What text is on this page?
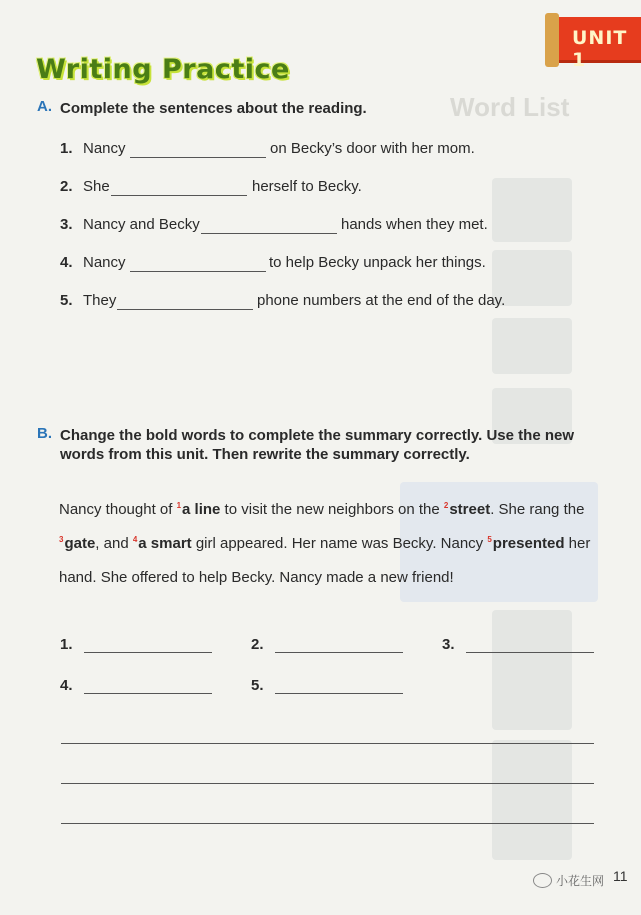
Word List
UNIT 1
Writing Practice
A. Complete the sentences about the reading.
1. Nancy	on Becky’s door with her mom.
2. She	herself to Becky.
3. Nancy and Becky	hands when they met.
4. Nancy	to help Becky unpack her things.
5. They	phone numbers at the end of the day.
B. Change the bold words to complete the summary correctly. Use the new
words from this unit. Then rewrite the summary correctly.
Nancy thought of $^1$a line to visit the new neighbors on the $^2$street. She rang the
$^3$gate, and $^4$a smart girl appeared. Her name was Becky. Nancy $^5$presented her
hand. She offered to help Becky. Nancy made a new friend!
1.	2.	3.
4.	5.
小花生网 11
